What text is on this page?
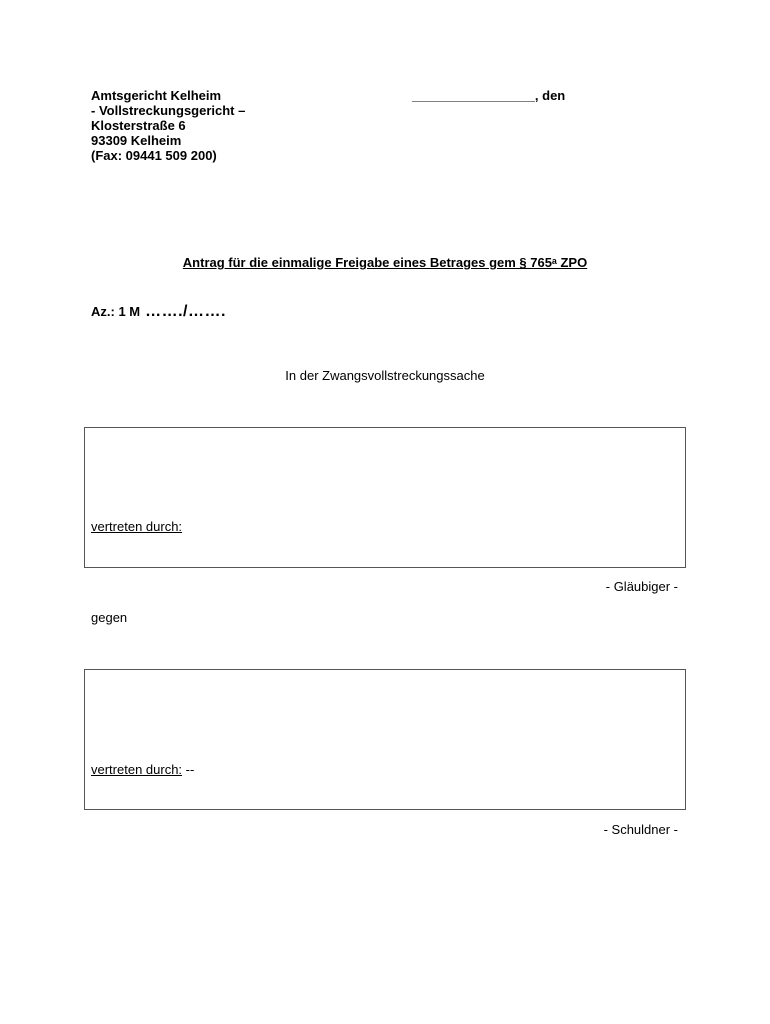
Amtsgericht Kelheim
- Vollstreckungsgericht –
Klosterstraße 6
93309 Kelheim
(Fax: 09441 509 200)
_________________, den
Antrag für die einmalige Freigabe eines Betrages gem § 765ᵃ ZPO
Az.: 1 M ……./…….
In der Zwangsvollstreckungssache
vertreten durch:
- Gläubiger -
gegen
vertreten durch: --
- Schuldner -
